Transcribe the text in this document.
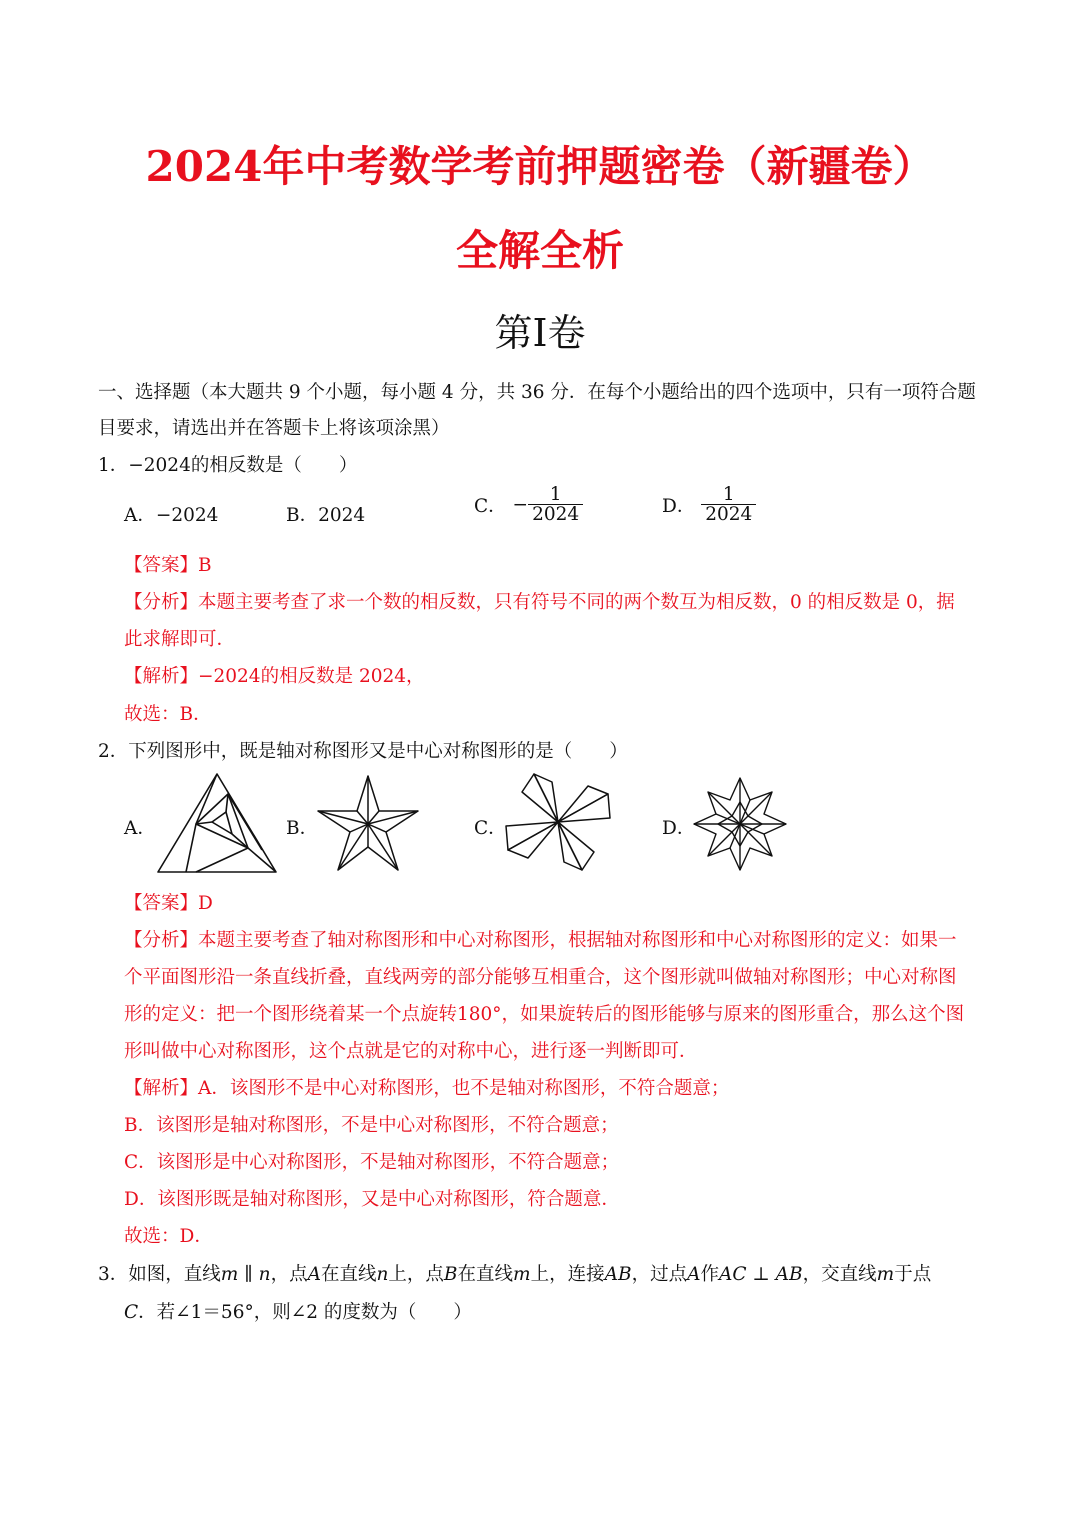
2024年中考数学考前押题密卷（新疆卷）
全解全析
第I卷
一、选择题（本大题共 9 个小题，每小题 4 分，共 36 分．在每个小题给出的四个选项中，只有一项符合题
目要求，请选出并在答题卡上将该项涂黑）
1．−2024的相反数是（　　）
A．−2024	B．2024	C． − $\frac{1}{2024}$	D． $\frac{1}{2024}$
【答案】B
【分析】本题主要考查了求一个数的相反数，只有符号不同的两个数互为相反数，0 的相反数是 0，据
此求解即可．
【解析】−2024的相反数是 2024，
故选：B．
2．下列图形中，既是轴对称图形又是中心对称图形的是（　　）
A．	B．	C．	D．
【答案】D
【分析】本题主要考查了轴对称图形和中心对称图形，根据轴对称图形和中心对称图形的定义：如果一
个平面图形沿一条直线折叠，直线两旁的部分能够互相重合，这个图形就叫做轴对称图形；中心对称图
形的定义：把一个图形绕着某一个点旋转180°，如果旋转后的图形能够与原来的图形重合，那么这个图
形叫做中心对称图形，这个点就是它的对称中心，进行逐一判断即可．
【解析】A．该图形不是中心对称图形，也不是轴对称图形，不符合题意；
B．该图形是轴对称图形，不是中心对称图形，不符合题意；
C．该图形是中心对称图形，不是轴对称图形，不符合题意；
D．该图形既是轴对称图形，又是中心对称图形，符合题意．
故选：D．
3．如图，直线m ∥ n，点A在直线n上，点B在直线m上，连接AB，过点A作AC ⊥ AB，交直线m于点
C．若∠1＝56°，则∠2 的度数为（　　）
